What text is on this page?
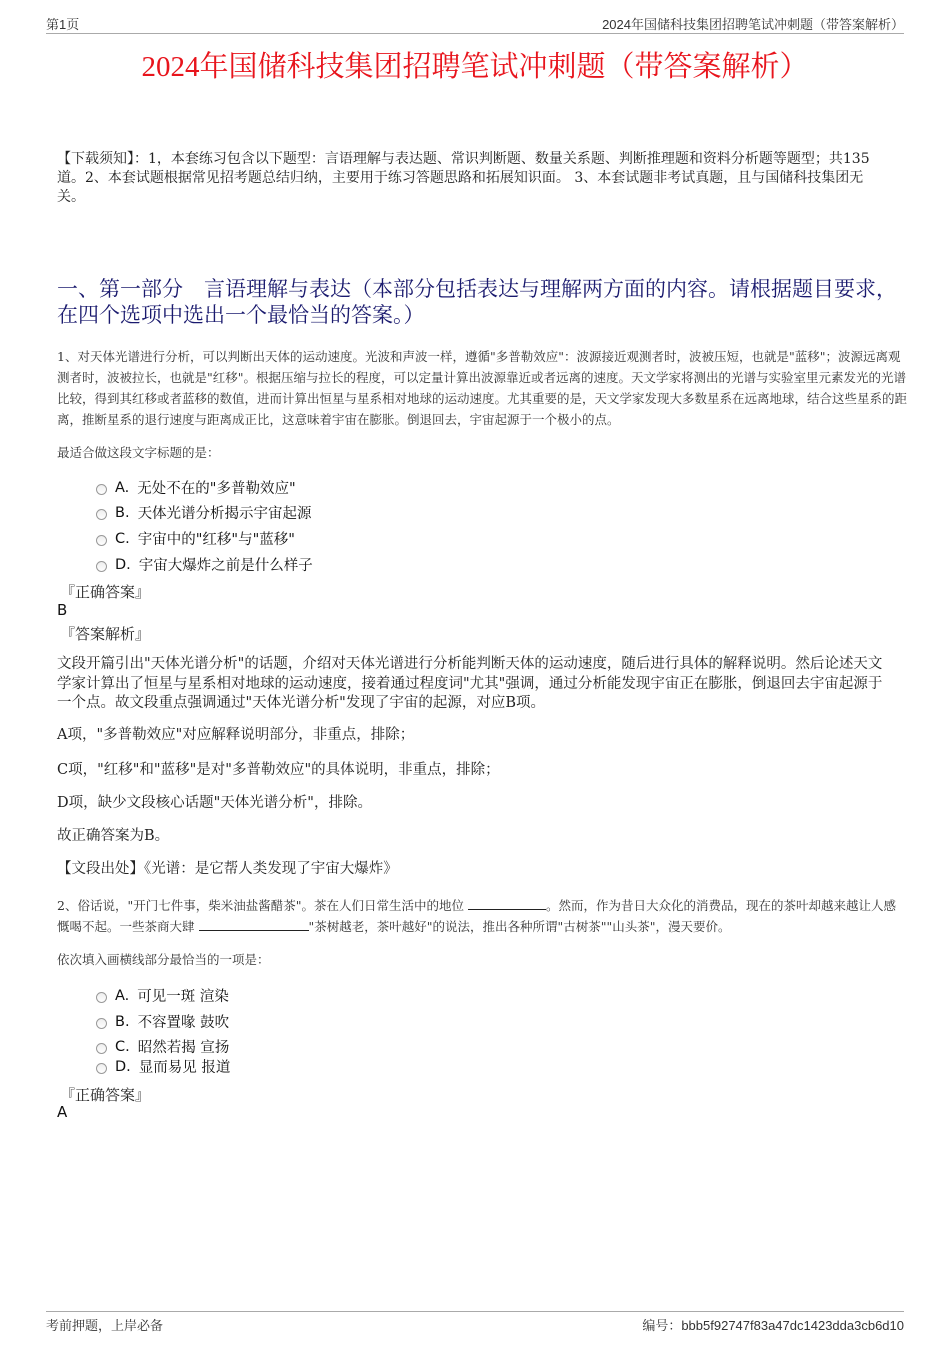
第1页	2024年国储科技集团招聘笔试冲刺题（带答案解析）
2024年国储科技集团招聘笔试冲刺题（带答案解析）
【下载须知】：1，本套练习包含以下题型：言语理解与表达题、常识判断题、数量关系题、判断推理题和资料分析题等题型；共135道。2、本套试题根据常见招考题总结归纳，主要用于练习答题思路和拓展知识面。 3、本套试题非考试真题，且与国储科技集团无关。
一、第一部分　言语理解与表达（本部分包括表达与理解两方面的内容。请根据题目要求，在四个选项中选出一个最恰当的答案。）
1、对天体光谱进行分析，可以判断出天体的运动速度。光波和声波一样，遵循"多普勒效应"：波源接近观测者时，波被压短，也就是"蓝移"；波源远离观测者时，波被拉长，也就是"红移"。根据压缩与拉长的程度，可以定量计算出波源靠近或者远离的速度。天文学家将测出的光谱与实验室里元素发光的光谱比较，得到其红移或者蓝移的数值，进而计算出恒星与星系相对地球的运动速度。尤其重要的是，天文学家发现大多数星系在远离地球，结合这些星系的距离，推断星系的退行速度与距离成正比，这意味着宇宙在膨胀。倒退回去，宇宙起源于一个极小的点。
最适合做这段文字标题的是：
A. 无处不在的"多普勒效应"
B. 天体光谱分析揭示宇宙起源
C. 宇宙中的"红移"与"蓝移"
D. 宇宙大爆炸之前是什么样子
『正确答案』
B
『答案解析』
文段开篇引出"天体光谱分析"的话题，介绍对天体光谱进行分析能判断天体的运动速度，随后进行具体的解释说明。然后论述天文学家计算出了恒星与星系相对地球的运动速度，接着通过程度词"尤其"强调，通过分析能发现宇宙正在膨胀，倒退回去宇宙起源于一个点。故文段重点强调通过"天体光谱分析"发现了宇宙的起源，对应B项。
A项，"多普勒效应"对应解释说明部分，非重点，排除；
C项，"红移"和"蓝移"是对"多普勒效应"的具体说明，非重点，排除；
D项，缺少文段核心话题"天体光谱分析"，排除。
故正确答案为B。
【文段出处】《光谱：是它帮人类发现了宇宙大爆炸》
2、俗话说，"开门七件事，柴米油盐酱醋茶"。茶在人们日常生活中的地位	。然而，作为昔日大众化的消费品，现在的茶叶却越来越让人感慨喝不起。一些茶商大肆	"茶树越老，茶叶越好"的说法，推出各种所谓"古树茶""山头茶"，漫天要价。
依次填入画横线部分最恰当的一项是：
A. 可见一斑 渲染
B. 不容置喙 鼓吹
C. 昭然若揭 宣扬
D. 显而易见 报道
『正确答案』
A
考前押题，上岸必备	编号：bbb5f92747f83a47dc1423dda3cb6d10
